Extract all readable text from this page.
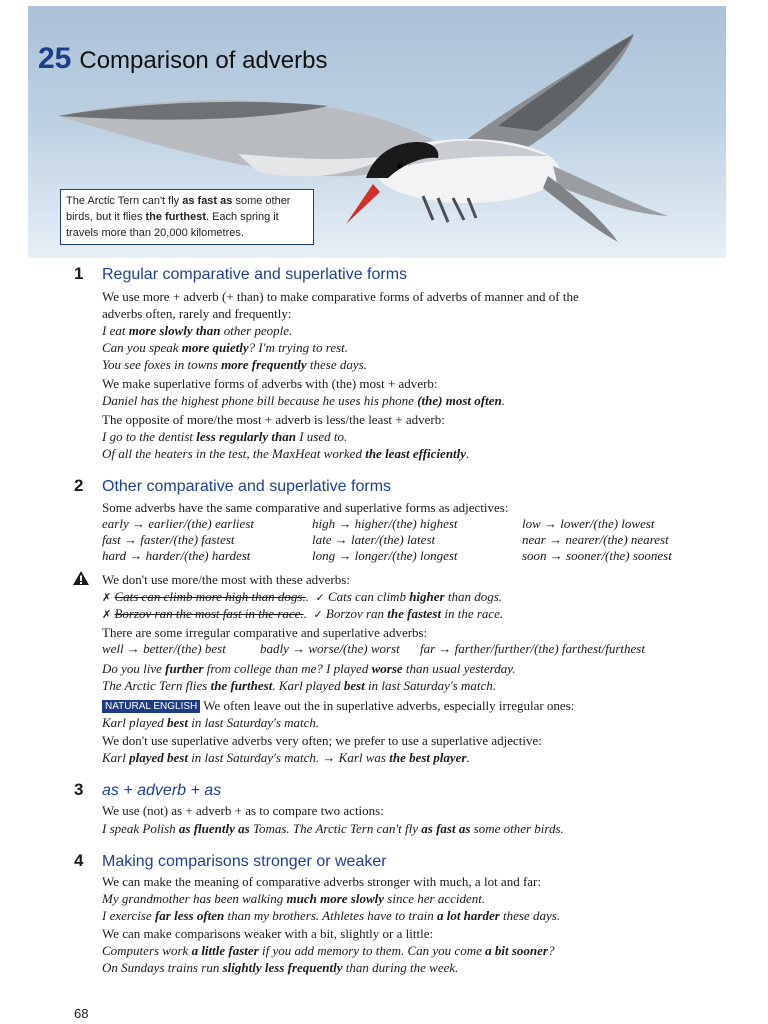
25 Comparison of adverbs
The Arctic Tern can't fly as fast as some other birds, but it flies the furthest. Each spring it travels more than 20,000 kilometres.
1 Regular comparative and superlative forms

We use more + adverb (+ than) to make comparative forms of adverbs of manner and of the

adverbs often, rarely and frequently:

I eat more slowly than other people.

Can you speak more quietly? I'm trying to rest.

You see foxes in towns more frequently these days.

We make superlative forms of adverbs with (the) most + adverb:

Daniel has the highest phone bill because he uses his phone (the) most often.

The opposite of more/the most + adverb is less/the least + adverb:

I go to the dentist less regularly than I used to.

Of all the heaters in the test, the MaxHeat worked the least efficiently.

2 Other comparative and superlative forms

Some adverbs have the same comparative and superlative forms as adjectives:

early → earlier/(the) earliest	high → higher/(the) highest	low → lower/(the) lowest
fast → faster/(the) fastest	late → later/(the) latest	near → nearer/(the) nearest
hard → harder/(the) hardest	long → longer/(the) longest	soon → sooner/(the) soonest

We don't use more/the most with these adverbs:

✗ Cats can climb more high than dogs..  ✓ Cats can climb higher than dogs.

✗ Borzov ran the most fast in the race..  ✓ Borzov ran the fastest in the race.

There are some irregular comparative and superlative adverbs:

well → better/(the) best	badly → worse/(the) worst far → farther/further/(the) farthest/furthest

Do you live further from college than me? I played worse than usual yesterday.

The Arctic Tern flies the furthest. Karl played best in last Saturday's match.

NATURAL ENGLISH We often leave out the in superlative adverbs, especially irregular ones:

Karl played best in last Saturday's match.

We don't use superlative adverbs very often; we prefer to use a superlative adjective:

Karl played best in last Saturday's match. → Karl was the best player.

3 as + adverb + as

We use (not) as + adverb + as to compare two actions:

I speak Polish as fluently as Tomas. The Arctic Tern can't fly as fast as some other birds.

4 Making comparisons stronger or weaker

We can make the meaning of comparative adverbs stronger with much, a lot and far:

My grandmother has been walking much more slowly since her accident.

I exercise far less often than my brothers. Athletes have to train a lot harder these days.

We can make comparisons weaker with a bit, slightly or a little:

Computers work a little faster if you add memory to them. Can you come a bit sooner?

On Sundays trains run slightly less frequently than during the week.

68
